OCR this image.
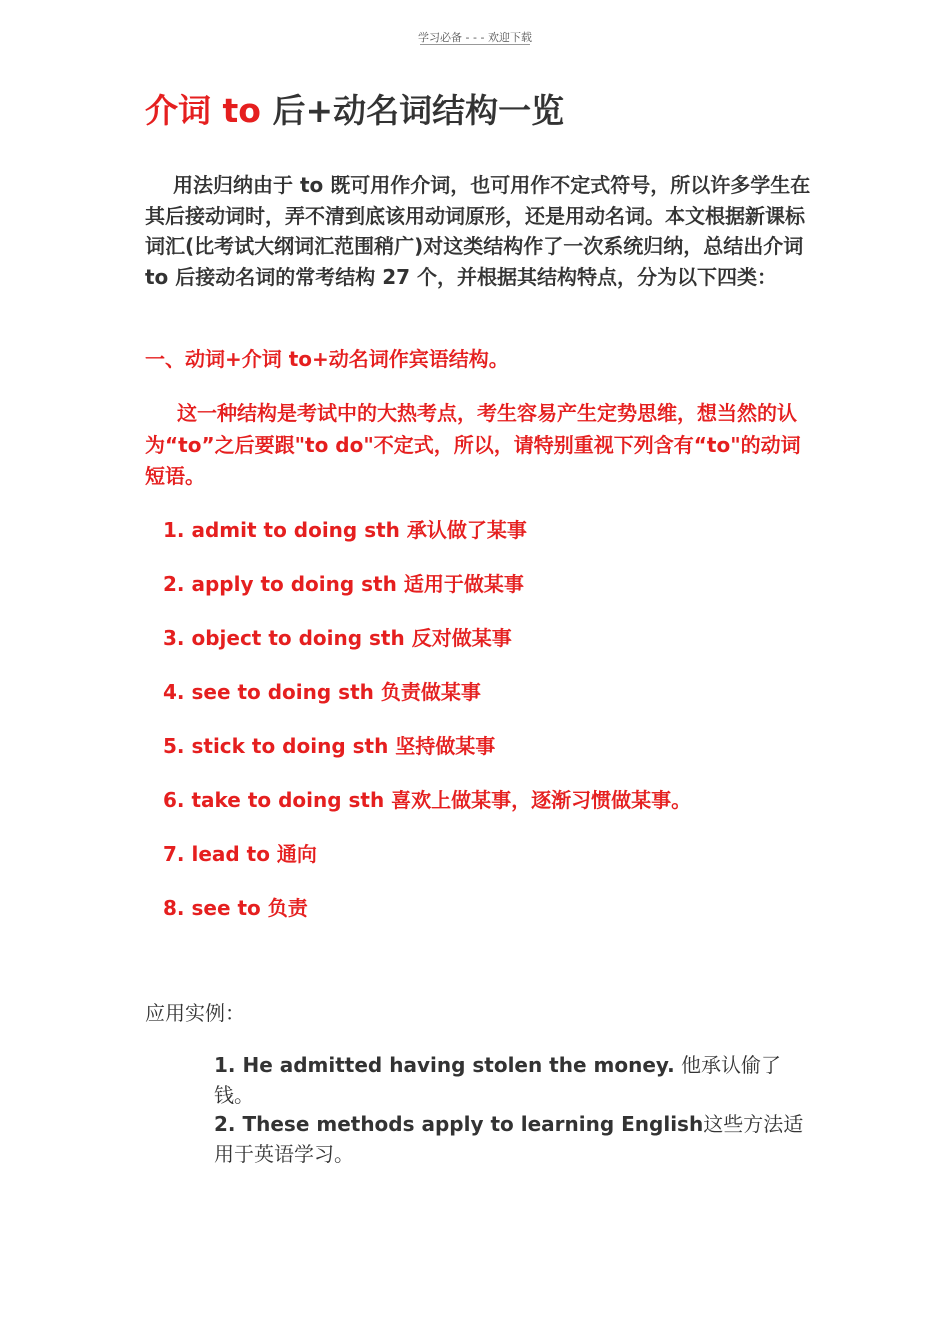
学习必备 - - - 欢迎下载
介词 to 后+动名词结构一览
用法归纳由于 to 既可用作介词，也可用作不定式符号，所以许多学生在其后接动词时，弄不清到底该用动词原形，还是用动名词。本文根据新课标词汇(比考试大纲词汇范围稍广)对这类结构作了一次系统归纳，总结出介词 to 后接动名词的常考结构 27 个，并根据其结构特点，分为以下四类：
一、动词+介词 to+动名词作宾语结构。
这一种结构是考试中的大热考点，考生容易产生定势思维，想当然的认为“to”之后要跟"to do"不定式，所以，请特别重视下列含有“to"的动词短语。
1. admit to doing sth 承认做了某事
2. apply to doing sth 适用于做某事
3. object to doing sth 反对做某事
4. see to doing sth 负责做某事
5. stick to doing sth 坚持做某事
6. take to doing sth 喜欢上做某事，逐渐习惯做某事。
7. lead to 通向
8. see to 负责
应用实例：

1. He admitted having stolen the money. 他承认偷了钱。

2. These methods apply to learning English这些方法适用于英语学习。
